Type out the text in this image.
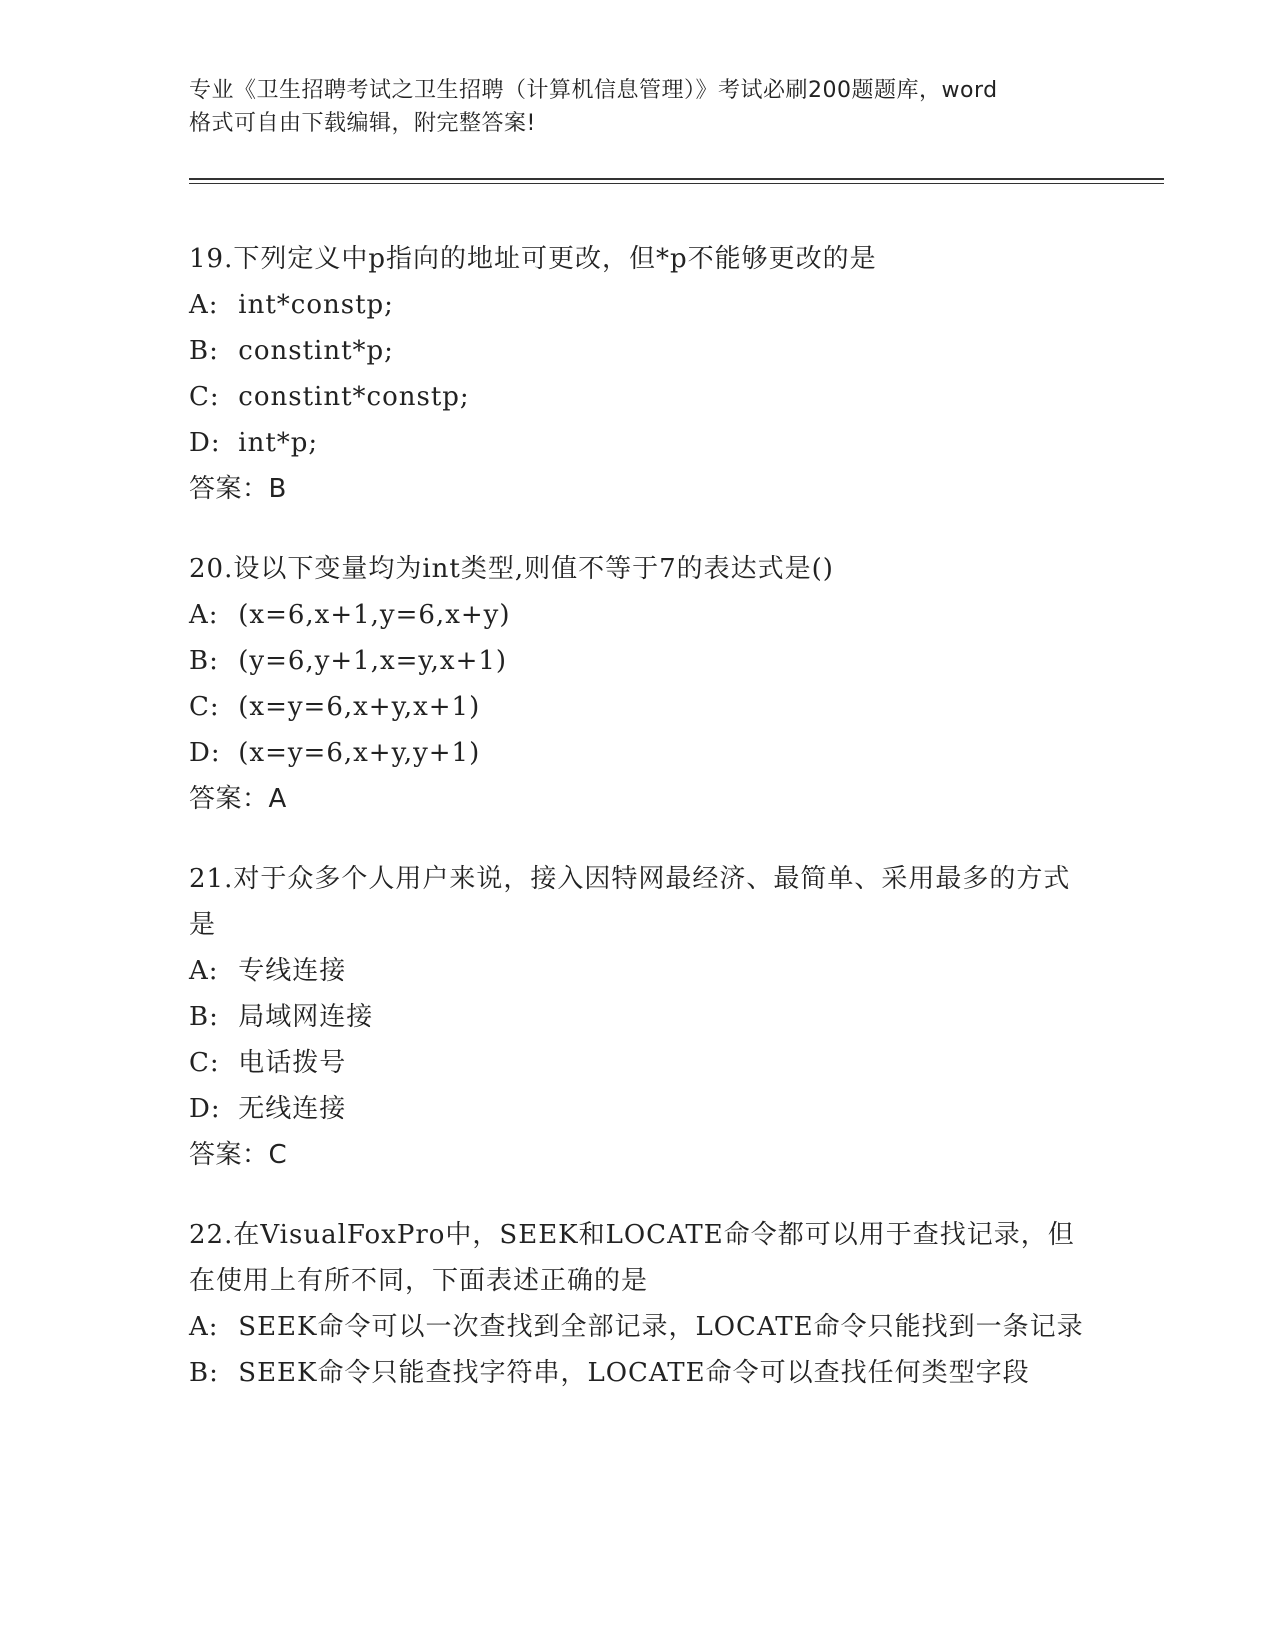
专业《卫生招聘考试之卫生招聘（计算机信息管理）》考试必刷200题题库，word
格式可自由下载编辑，附完整答案!

19.下列定义中p指向的地址可更改，但*p不能够更改的是

A: int*constp;

B: constint*p;

C: constint*constp;

D: int*p;

答案：B

20.设以下变量均为int类型,则值不等于7的表达式是()

A: (x=6,x+1,y=6,x+y)

B: (y=6,y+1,x=y,x+1)

C: (x=y=6,x+y,x+1)

D: (x=y=6,x+y,y+1)

答案：A

21.对于众多个人用户来说，接入因特网最经济、最简单、采用最多的方式是

A: 专线连接

B: 局域网连接

C: 电话拨号

D: 无线连接

答案：C

22.在VisualFoxPro中，SEEK和LOCATE命令都可以用于查找记录，但在使用上有所不同，下面表述正确的是

A: SEEK命令可以一次查找到全部记录，LOCATE命令只能找到一条记录

B: SEEK命令只能查找字符串，LOCATE命令可以查找任何类型字段
